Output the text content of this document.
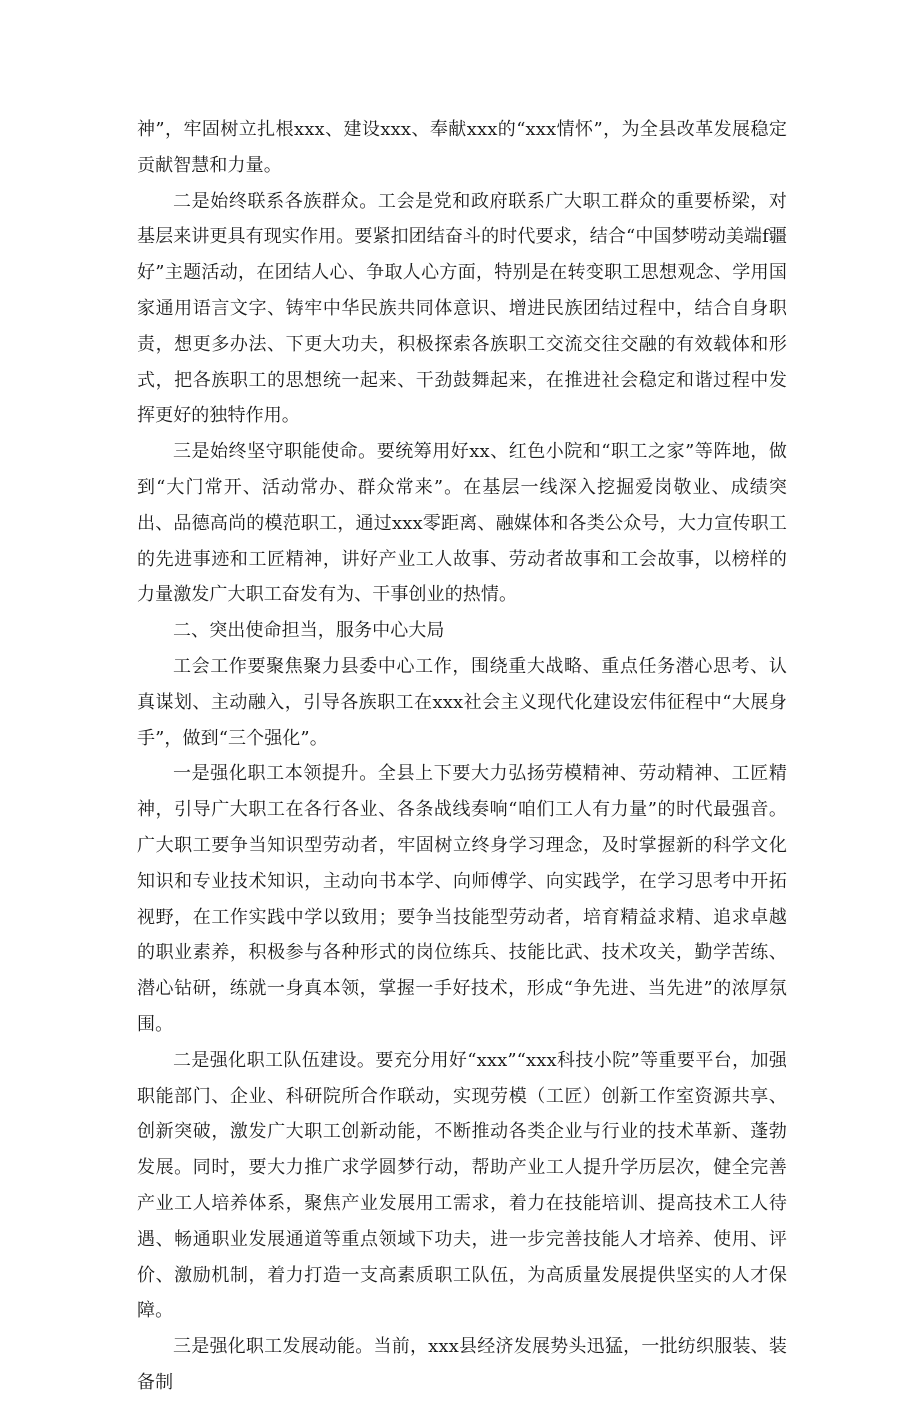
神”，牢固树立扎根xxx、建设xxx、奉献xxx的“xxx情怀”，为全县改革发展稳定贡献智慧和力量。

二是始终联系各族群众。工会是党和政府联系广大职工群众的重要桥梁，对基层来讲更具有现实作用。要紧扣团结奋斗的时代要求，结合“中国梦唠动美端f疆好”主题活动，在团结人心、争取人心方面，特别是在转变职工思想观念、学用国家通用语言文字、铸牢中华民族共同体意识、增进民族团结过程中，结合自身职责，想更多办法、下更大功夫，积极探索各族职工交流交往交融的有效载体和形式，把各族职工的思想统一起来、干劲鼓舞起来，在推进社会稳定和谐过程中发挥更好的独特作用。

三是始终坚守职能使命。要统筹用好xx、红色小院和“职工之家”等阵地，做到“大门常开、活动常办、群众常来”。在基层一线深入挖掘爱岗敬业、成绩突出、品德高尚的模范职工，通过xxx零距离、融媒体和各类公众号，大力宣传职工的先进事迹和工匠精神，讲好产业工人故事、劳动者故事和工会故事，以榜样的力量激发广大职工奋发有为、干事创业的热情。

二、突出使命担当，服务中心大局

工会工作要聚焦聚力县委中心工作，围绕重大战略、重点任务潜心思考、认真谋划、主动融入，引导各族职工在xxx社会主义现代化建设宏伟征程中“大展身手”，做到“三个强化”。

一是强化职工本领提升。全县上下要大力弘扬劳模精神、劳动精神、工匠精神，引导广大职工在各行各业、各条战线奏响“咱们工人有力量”的时代最强音。广大职工要争当知识型劳动者，牢固树立终身学习理念，及时掌握新的科学文化知识和专业技术知识，主动向书本学、向师傅学、向实践学，在学习思考中开拓视野，在工作实践中学以致用；要争当技能型劳动者，培育精益求精、追求卓越的职业素养，积极参与各种形式的岗位练兵、技能比武、技术攻关，勤学苦练、潜心钻研，练就一身真本领，掌握一手好技术，形成“争先进、当先进”的浓厚氛围。

二是强化职工队伍建设。要充分用好“xxx”“xxx科技小院”等重要平台，加强职能部门、企业、科研院所合作联动，实现劳模（工匠）创新工作室资源共享、创新突破，激发广大职工创新动能，不断推动各类企业与行业的技术革新、蓬勃发展。同时，要大力推广求学圆梦行动，帮助产业工人提升学历层次，健全完善产业工人培养体系，聚焦产业发展用工需求，着力在技能培训、提高技术工人待遇、畅通职业发展通道等重点领域下功夫，进一步完善技能人才培养、使用、评价、激励机制，着力打造一支高素质职工队伍，为高质量发展提供坚实的人才保障。

三是强化职工发展动能。当前，xxx县经济发展势头迅猛，一批纺织服装、装备制
